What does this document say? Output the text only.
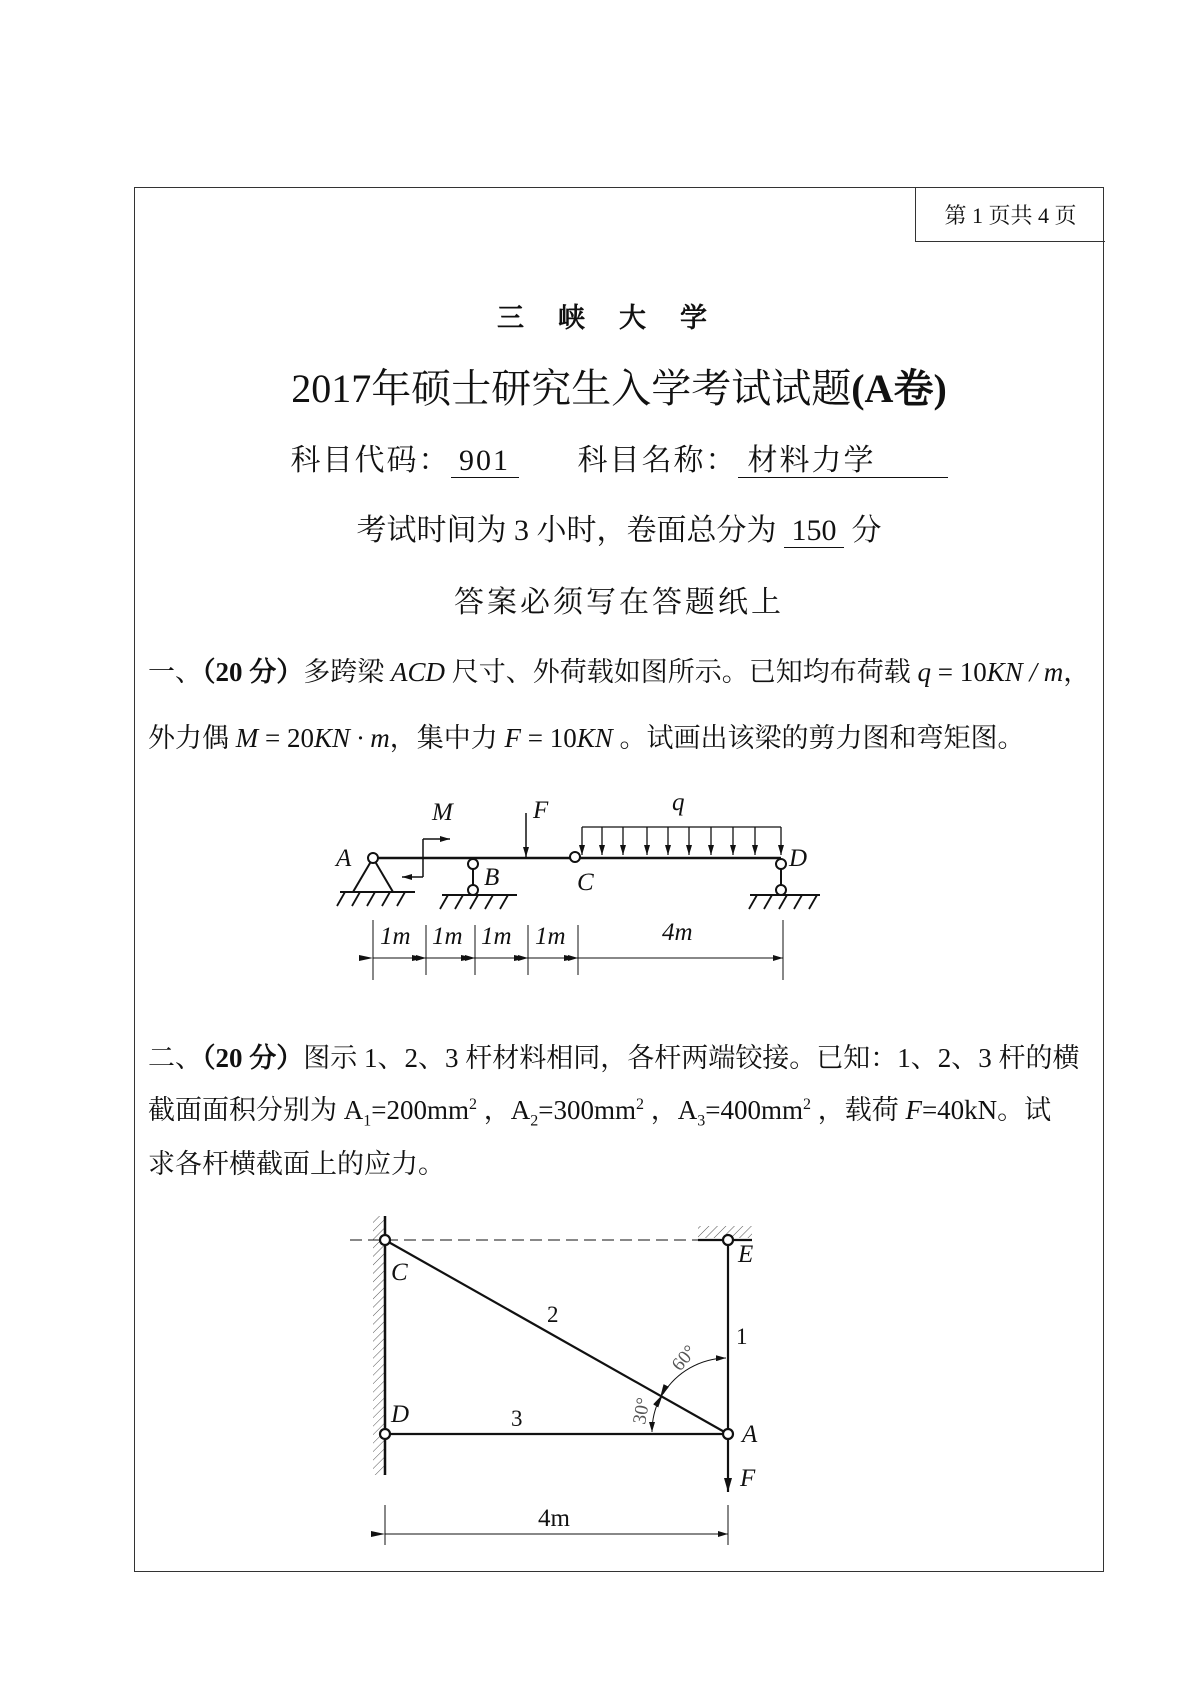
第 1 页共 4 页
三峡大学
2017年硕士研究生入学考试试题(A卷)
科目代码： 901 科目名称： 材料力学
考试时间为 3 小时，卷面总分为 150 分
答案必须写在答题纸上
一、（20 分）多跨梁 ACD 尺寸、外荷载如图所示。已知均布荷载 q = 10KN / m，
外力偶 M = 20KN · m，集中力 F = 10KN 。试画出该梁的剪力图和弯矩图。
二、（20 分）图示 1、2、3 杆材料相同，各杆两端铰接。已知：1、2、3 杆的横
截面面积分别为 $A_1=200mm^2$ ，$A_2=300mm^2$ ，$A_3=400mm^2$ ，载荷 F=40kN。试
求各杆横截面上的应力。
A
M	F	q
B	C
D
1m 1m 1m 1m	4m
C
E
D
A
F
1
2
3
60°
30°
4m
